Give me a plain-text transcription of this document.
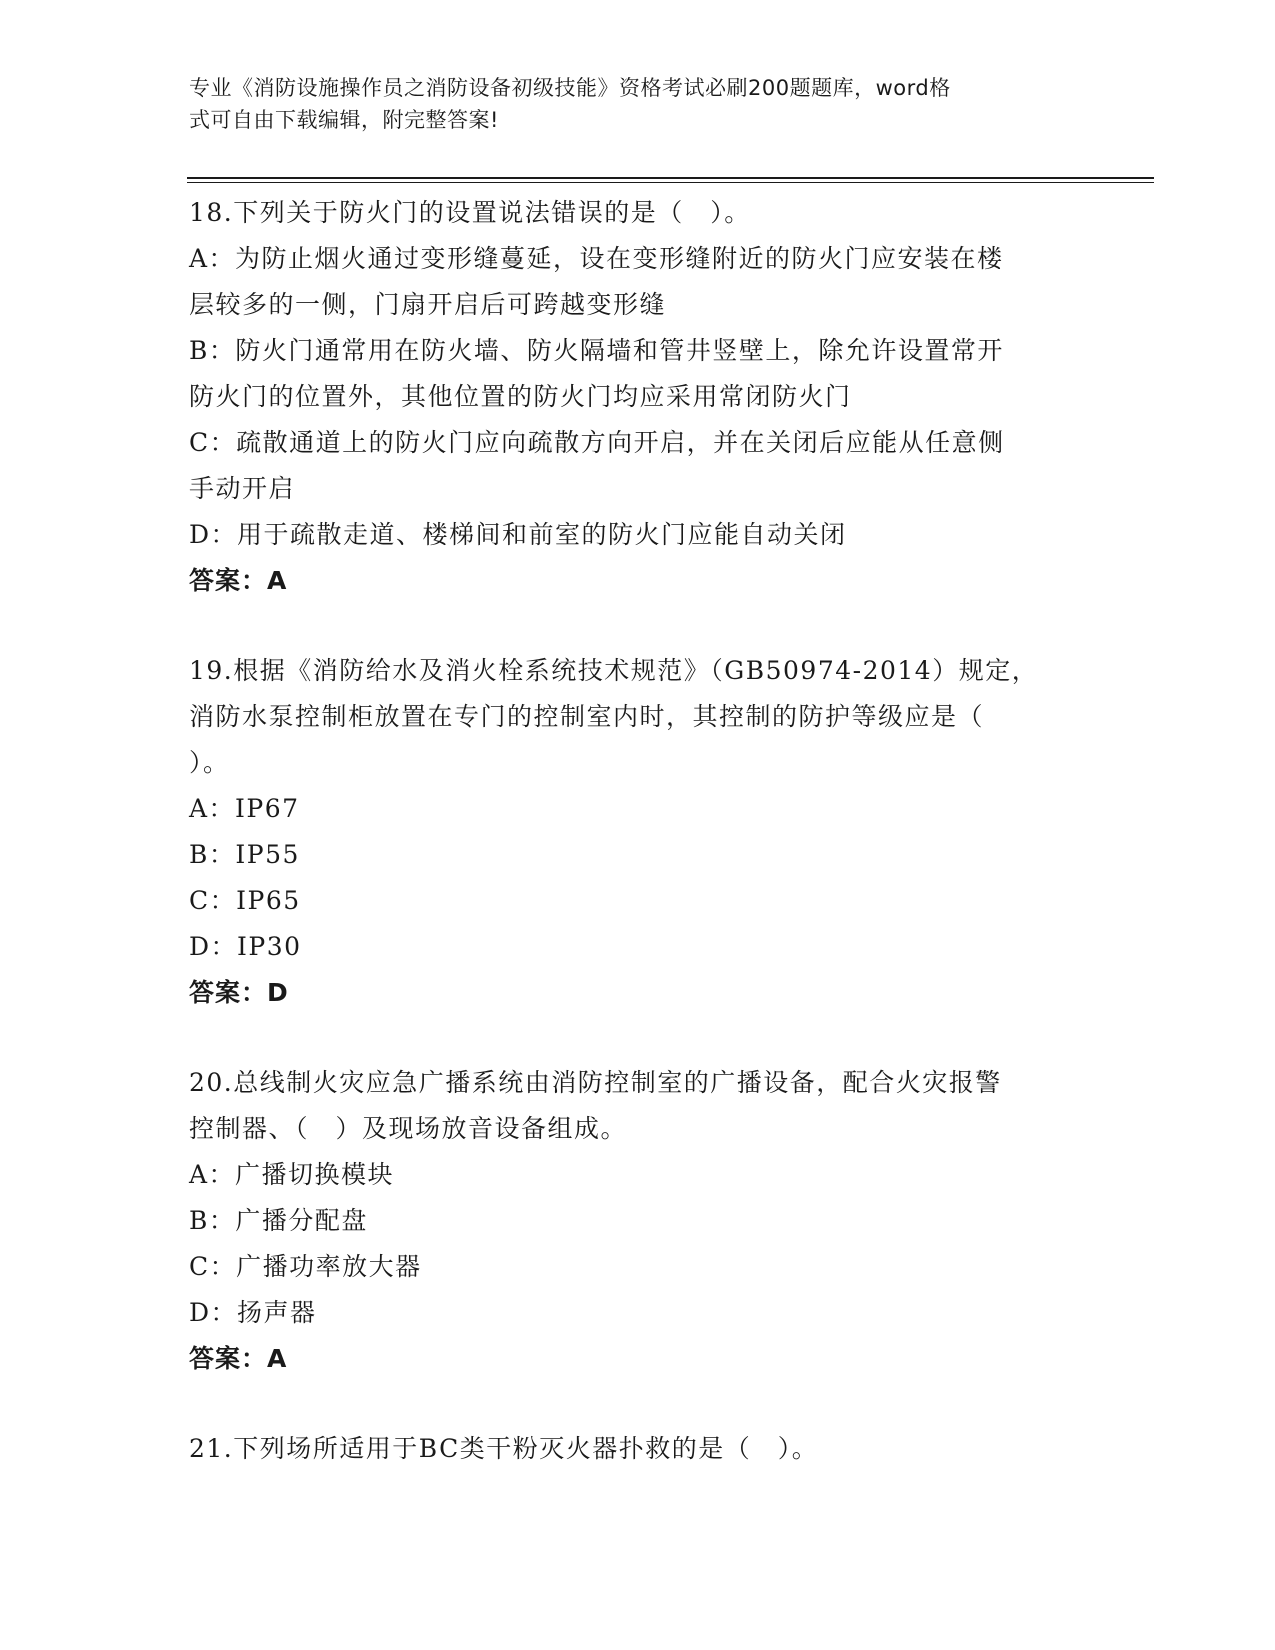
专业《消防设施操作员之消防设备初级技能》资格考试必刷200题题库，word格
式可自由下载编辑，附完整答案!
18.下列关于防火门的设置说法错误的是（　）。
A：为防止烟火通过变形缝蔓延，设在变形缝附近的防火门应安装在楼
层较多的一侧，门扇开启后可跨越变形缝
B：防火门通常用在防火墙、防火隔墙和管井竖壁上，除允许设置常开
防火门的位置外，其他位置的防火门均应采用常闭防火门
C：疏散通道上的防火门应向疏散方向开启，并在关闭后应能从任意侧
手动开启
D：用于疏散走道、楼梯间和前室的防火门应能自动关闭
答案：A
19.根据《消防给水及消火栓系统技术规范》（GB50974-2014）规定，
消防水泵控制柜放置在专门的控制室内时，其控制的防护等级应是（
）。
A：IP67
B：IP55
C：IP65
D：IP30
答案：D
20.总线制火灾应急广播系统由消防控制室的广播设备，配合火灾报警
控制器、（　）及现场放音设备组成。
A：广播切换模块
B：广播分配盘
C：广播功率放大器
D：扬声器
答案：A
21.下列场所适用于BC类干粉灭火器扑救的是（　）。
